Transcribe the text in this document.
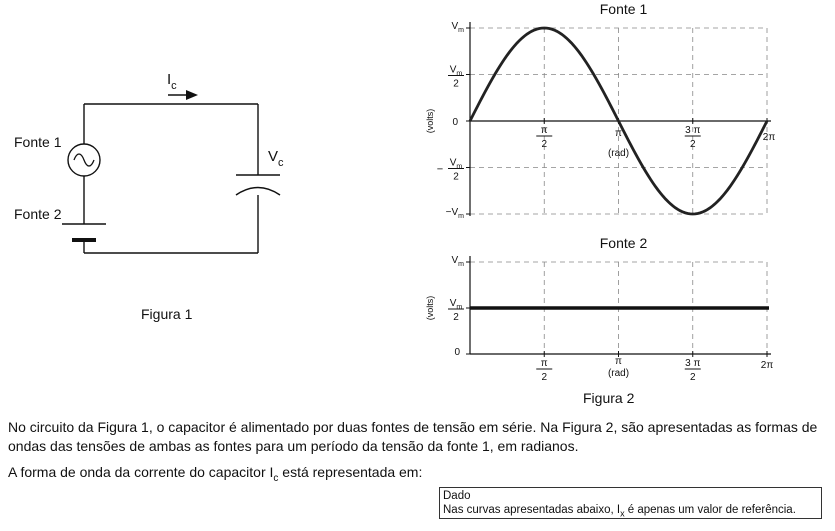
$I_c$
Fonte 1
Fonte 2
$V_c$
Figura 1
Fonte 1
(volts)
$V_m$
$V_m$
2
0
−
$V_m$
2
$-V_m$
π
2
π
(rad)
3 π
2
2π
Fonte 2
(volts)
$V_m$
$V_m$
2
0
π
2
π
(rad)
3 π
2
2π
Figura 2
No circuito da Figura 1, o capacitor é alimentado por duas fontes de tensão em série. Na Figura 2, são apresentadas as formas de ondas das tensões de ambas as fontes para um período da tensão da fonte 1, em radianos.
A forma de onda da corrente do capacitor $I_c$ está representada em:
Dado
Nas curvas apresentadas abaixo, $I_x$ é apenas um valor de referência.
